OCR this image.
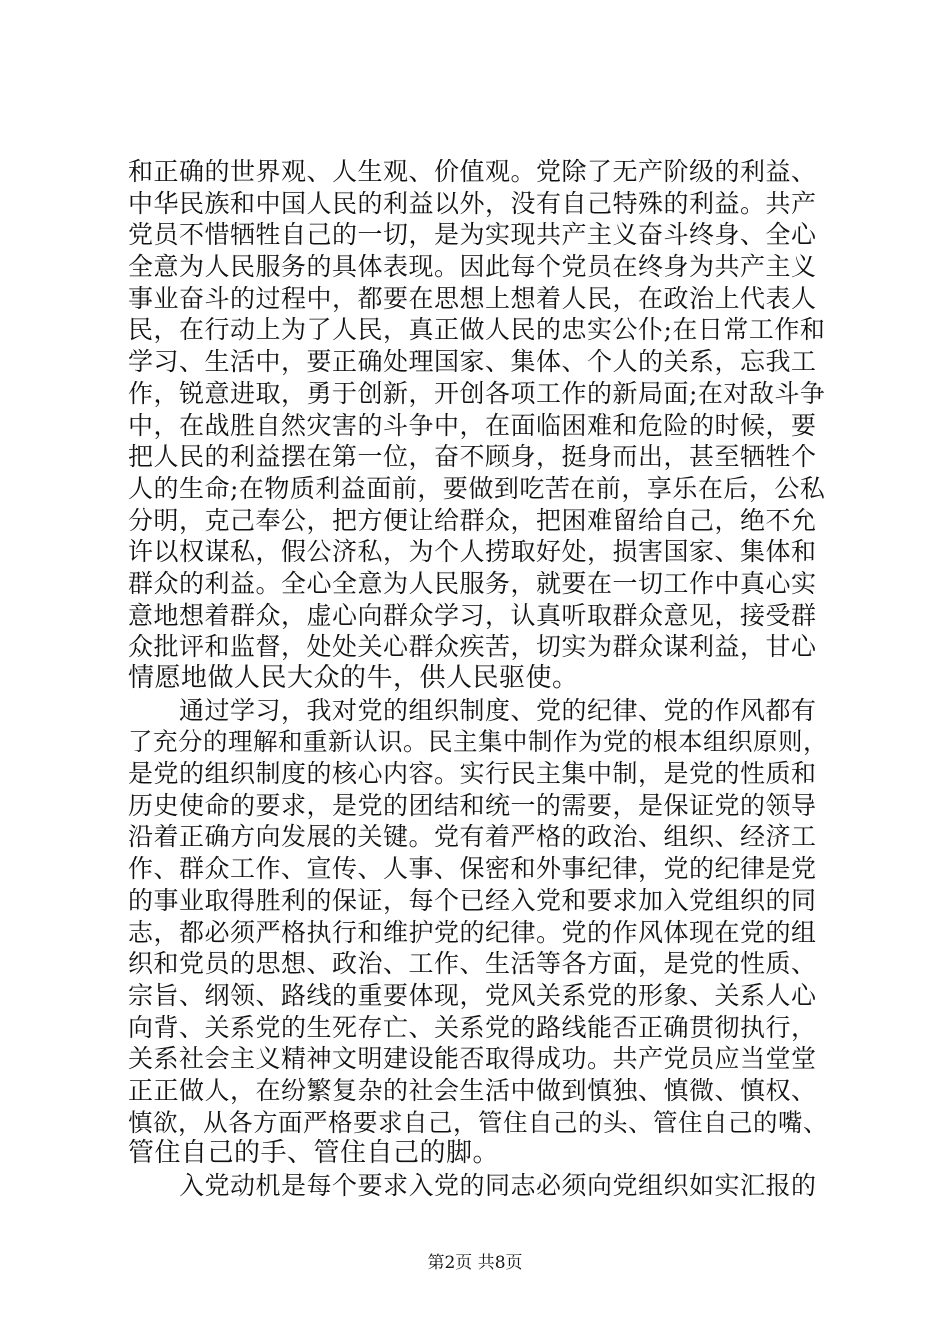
和正确的世界观、人生观、价值观。党除了无产阶级的利益、
中华民族和中国人民的利益以外，没有自己特殊的利益。共产
党员不惜牺牲自己的一切，是为实现共产主义奋斗终身、全心
全意为人民服务的具体表现。因此每个党员在终身为共产主义
事业奋斗的过程中，都要在思想上想着人民，在政治上代表人
民，在行动上为了人民，真正做人民的忠实公仆;在日常工作和
学习、生活中，要正确处理国家、集体、个人的关系，忘我工
作，锐意进取，勇于创新，开创各项工作的新局面;在对敌斗争
中，在战胜自然灾害的斗争中，在面临困难和危险的时候，要
把人民的利益摆在第一位，奋不顾身，挺身而出，甚至牺牲个
人的生命;在物质利益面前，要做到吃苦在前，享乐在后，公私
分明，克己奉公，把方便让给群众，把困难留给自己，绝不允
许以权谋私，假公济私，为个人捞取好处，损害国家、集体和
群众的利益。全心全意为人民服务，就要在一切工作中真心实
意地想着群众，虚心向群众学习，认真听取群众意见，接受群
众批评和监督，处处关心群众疾苦，切实为群众谋利益，甘心
情愿地做人民大众的牛，供人民驱使。
　　通过学习，我对党的组织制度、党的纪律、党的作风都有
了充分的理解和重新认识。民主集中制作为党的根本组织原则，
是党的组织制度的核心内容。实行民主集中制，是党的性质和
历史使命的要求，是党的团结和统一的需要，是保证党的领导
沿着正确方向发展的关键。党有着严格的政治、组织、经济工
作、群众工作、宣传、人事、保密和外事纪律，党的纪律是党
的事业取得胜利的保证，每个已经入党和要求加入党组织的同
志，都必须严格执行和维护党的纪律。党的作风体现在党的组
织和党员的思想、政治、工作、生活等各方面，是党的性质、
宗旨、纲领、路线的重要体现，党风关系党的形象、关系人心
向背、关系党的生死存亡、关系党的路线能否正确贯彻执行，
关系社会主义精神文明建设能否取得成功。共产党员应当堂堂
正正做人，在纷繁复杂的社会生活中做到慎独、慎微、慎权、
慎欲，从各方面严格要求自己，管住自己的头、管住自己的嘴、
管住自己的手、管住自己的脚。
　　入党动机是每个要求入党的同志必须向党组织如实汇报的
第2页 共8页
